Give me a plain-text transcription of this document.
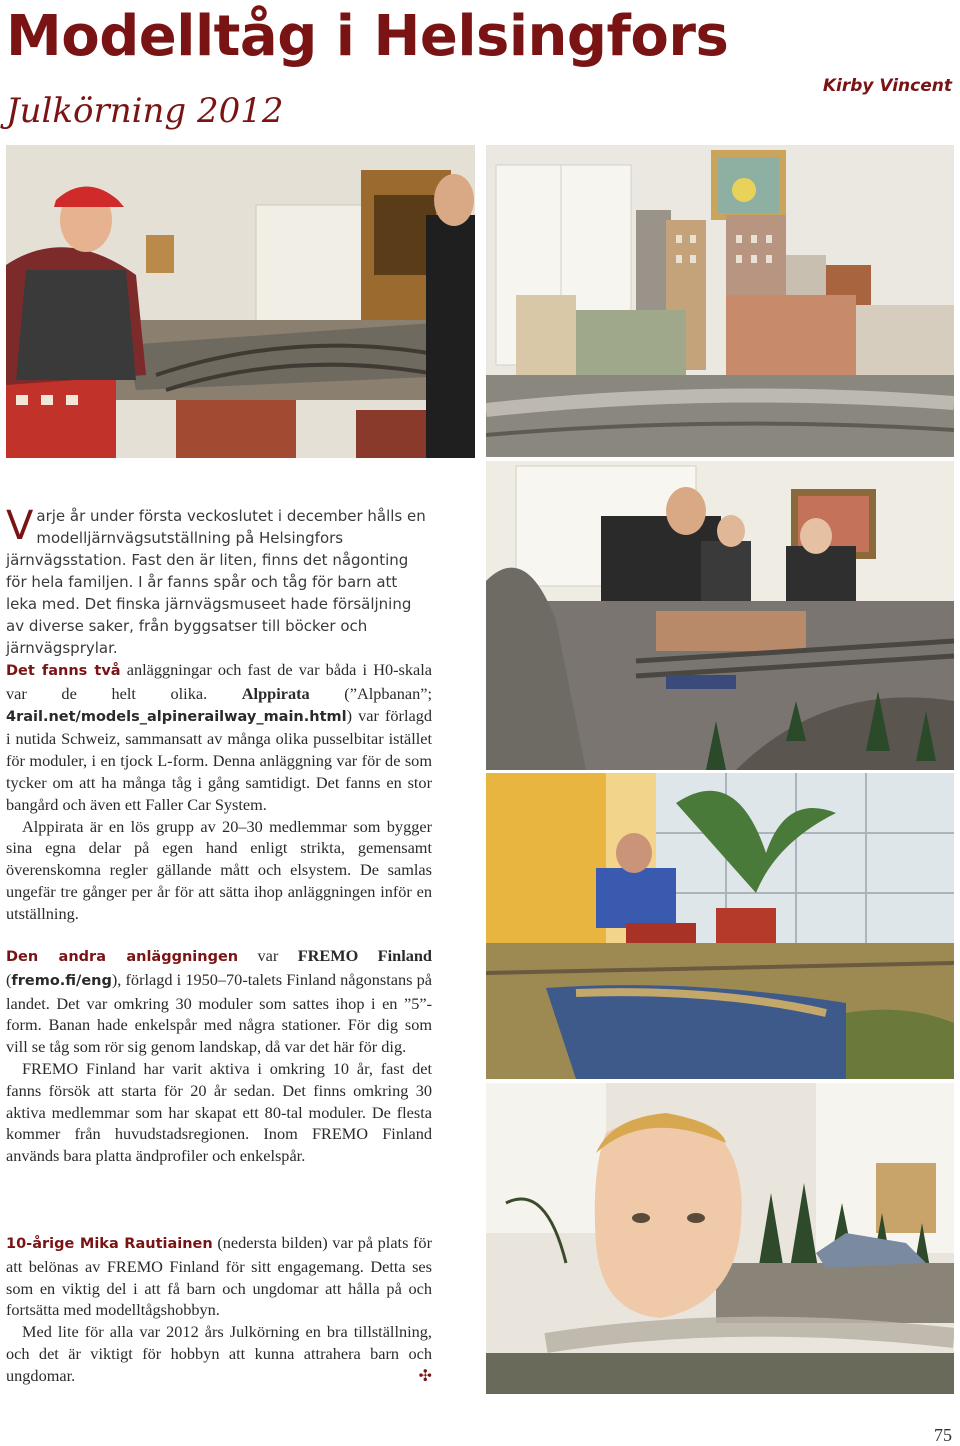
Modelltåg i Helsingfors
Julkörning 2012
Kirby Vincent
Varje år under första veckoslutet i december hålls en modelljärnvägsutställning på Helsingfors järnvägsstation. Fast den är liten, finns det någonting för hela familjen. I år fanns spår och tåg för barn att leka med. Det finska järnvägsmuseet hade försäljning av diverse saker, från byggsatser till böcker och järnvägsprylar.

Det fanns två anläggningar och fast de var båda i H0-skala var de helt olika. Alppirata (”Alpbanan”; 4rail.net/models_alpinerailway_main.html) var förlagd i nutida Schweiz, sammansatt av många olika pusselbitar istället för moduler, i en tjock L-form. Denna anläggning var för de som tycker om att ha många tåg i gång samtidigt. Det fanns en stor bangård och även ett Faller Car System.

Alppirata är en lös grupp av 20–30 medlemmar som bygger sina egna delar på egen hand enligt strikta, gemensamt överenskomna regler gällande mått och elsystem. De samlas ungefär tre gånger per år för att sätta ihop anläggningen inför en utställning.

Den andra anläggningen var FREMO Finland (fremo.fi/eng), förlagd i 1950–70-talets Finland någonstans på landet. Det var omkring 30 moduler som sattes ihop i en ”5”-form. Banan hade enkelspår med några stationer. För dig som vill se tåg som rör sig genom landskap, då var det här för dig.

FREMO Finland har varit aktiva i omkring 10 år, fast det fanns försök att starta för 20 år sedan. Det finns omkring 30 aktiva medlemmar som har skapat ett 80-tal moduler. De flesta kommer från huvudstadsregionen. Inom FREMO Finland används bara platta ändprofiler och enkelspår.

10-årige Mika Rautiainen (nedersta bilden) var på plats för att belönas av FREMO Finland för sitt engagemang. Detta ses som en viktig del i att få barn och ungdomar att hålla på och fortsätta med modelltågshobbyn.

Med lite för alla var 2012 års Julkörning en bra tillställning, och det är viktigt för hobbyn att kunna attrahera barn och ungdomar.	✣

75
